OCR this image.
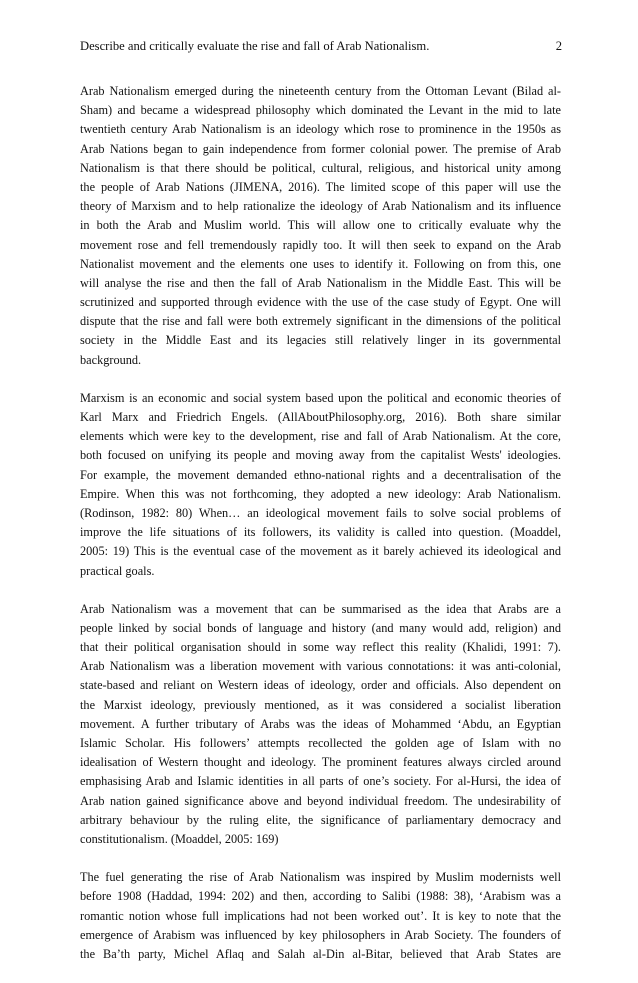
Describe and critically evaluate the rise and fall of Arab Nationalism.	2
Arab Nationalism emerged during the nineteenth century from the Ottoman Levant (Bilad al-
Sham) and became a widespread philosophy which dominated the Levant in the mid to late
twentieth century Arab Nationalism is an ideology which rose to prominence in the 1950s as
Arab Nations began to gain independence from former colonial power. The premise of Arab
Nationalism is that there should be political, cultural, religious, and historical unity among
the people of Arab Nations (JIMENA, 2016). The limited scope of this paper will use the
theory of Marxism and to help rationalize the ideology of Arab Nationalism and its influence
in both the Arab and Muslim world. This will allow one to critically evaluate why the
movement rose and fell tremendously rapidly too. It will then seek to expand on the Arab
Nationalist movement and the elements one uses to identify it. Following on from this, one
will analyse the rise and then the fall of Arab Nationalism in the Middle East. This will be
scrutinized and supported through evidence with the use of the case study of Egypt. One will
dispute that the rise and fall were both extremely significant in the dimensions of the political
society in the Middle East and its legacies still relatively linger in its governmental
background.
Marxism is an economic and social system based upon the political and economic theories of
Karl Marx and Friedrich Engels. (AllAboutPhilosophy.org, 2016). Both share similar
elements which were key to the development, rise and fall of Arab Nationalism. At the core,
both focused on unifying its people and moving away from the capitalist Wests' ideologies.
For example, the movement demanded ethno-national rights and a decentralisation of the
Empire. When this was not forthcoming, they adopted a new ideology: Arab Nationalism.
(Rodinson, 1982: 80) When… an ideological movement fails to solve social problems of
improve the life situations of its followers, its validity is called into question. (Moaddel,
2005: 19) This is the eventual case of the movement as it barely achieved its ideological and
practical goals.
Arab Nationalism was a movement that can be summarised as the idea that Arabs are a
people linked by social bonds of language and history (and many would add, religion) and
that their political organisation should in some way reflect this reality (Khalidi, 1991: 7).
Arab Nationalism was a liberation movement with various connotations: it was anti-colonial,
state-based and reliant on Western ideas of ideology, order and officials. Also dependent on
the Marxist ideology, previously mentioned, as it was considered a socialist liberation
movement. A further tributary of Arabs was the ideas of Mohammed ‘Abdu, an Egyptian
Islamic Scholar. His followers’ attempts recollected the golden age of Islam with no
idealisation of Western thought and ideology. The prominent features always circled around
emphasising Arab and Islamic identities in all parts of one’s society. For al-Hursi, the idea of
Arab nation gained significance above and beyond individual freedom. The undesirability of
arbitrary behaviour by the ruling elite, the significance of parliamentary democracy and
constitutionalism. (Moaddel, 2005: 169)
The fuel generating the rise of Arab Nationalism was inspired by Muslim modernists well
before 1908 (Haddad, 1994: 202) and then, according to Salibi (1988: 38), ‘Arabism was a
romantic notion whose full implications had not been worked out’. It is key to note that the
emergence of Arabism was influenced by key philosophers in Arab Society. The founders of
the Ba’th party, Michel Aflaq and Salah al-Din al-Bitar, believed that Arab States are
